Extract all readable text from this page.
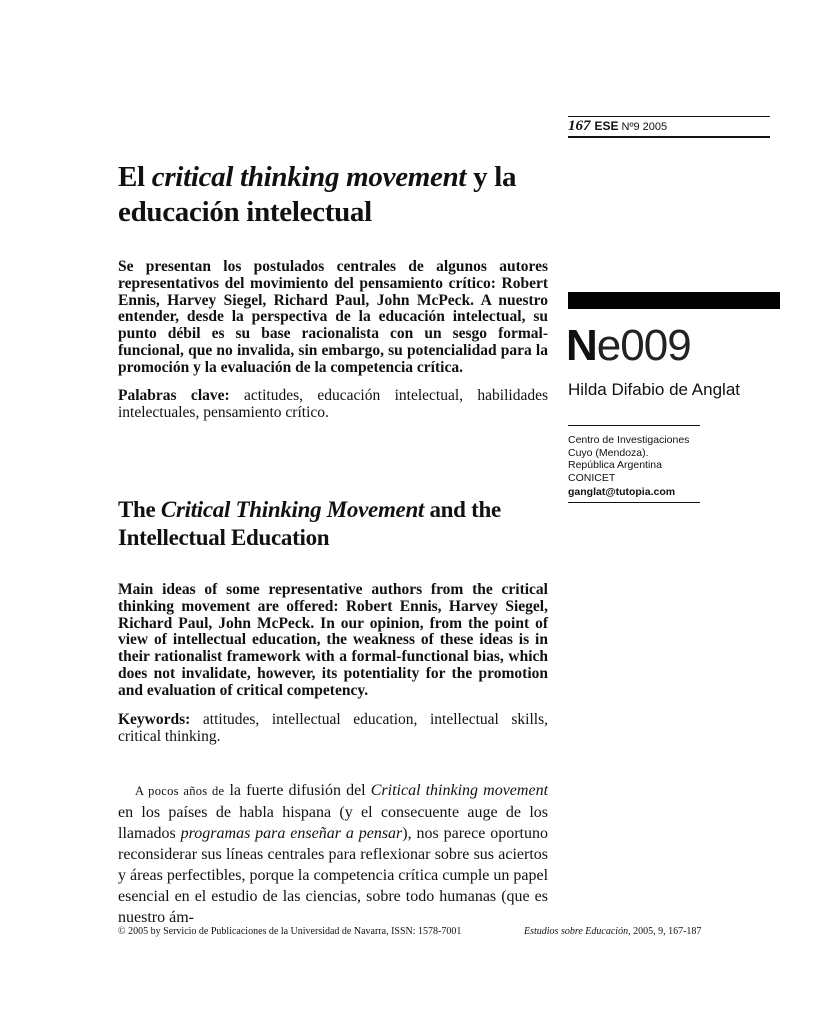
167 ESE Nº9 2005
El critical thinking movement y la educación intelectual
Se presentan los postulados centrales de algunos autores representativos del movimiento del pensamiento crítico: Robert Ennis, Harvey Siegel, Richard Paul, John McPeck. A nuestro entender, desde la perspectiva de la educación intelectual, su punto débil es su base racionalista con un sesgo formal-funcional, que no invalida, sin embargo, su potencialidad para la promoción y la evaluación de la competencia crítica.
Palabras clave: actitudes, educación intelectual, habilidades intelectuales, pensamiento crítico.
The Critical Thinking Movement and the Intellectual Education
Main ideas of some representative authors from the critical thinking movement are offered: Robert Ennis, Harvey Siegel, Richard Paul, John McPeck. In our opinion, from the point of view of intellectual education, the weakness of these ideas is in their rationalist framework with a formal-functional bias, which does not invalidate, however, its potentiality for the promotion and evaluation of critical competency.
Keywords: attitudes, intellectual education, intellectual skills, critical thinking.
Ne009
Hilda Difabio de Anglat
Centro de Investigaciones
Cuyo (Mendoza).
República Argentina
CONICET
ganglat@tutopia.com

A pocos años de la fuerte difusión del Critical thinking movement en los países de habla hispana (y el consecuente auge de los llamados programas para enseñar a pensar), nos parece oportuno reconsiderar sus líneas centrales para reflexionar sobre sus aciertos y áreas perfectibles, porque la competencia crítica cumple un papel esencial en el estudio de las ciencias, sobre todo humanas (que es nuestro ám-

© 2005 by Servicio de Publicaciones de la Universidad de Navarra, ISSN: 1578-7001	Estudios sobre Educación, 2005, 9, 167-187
